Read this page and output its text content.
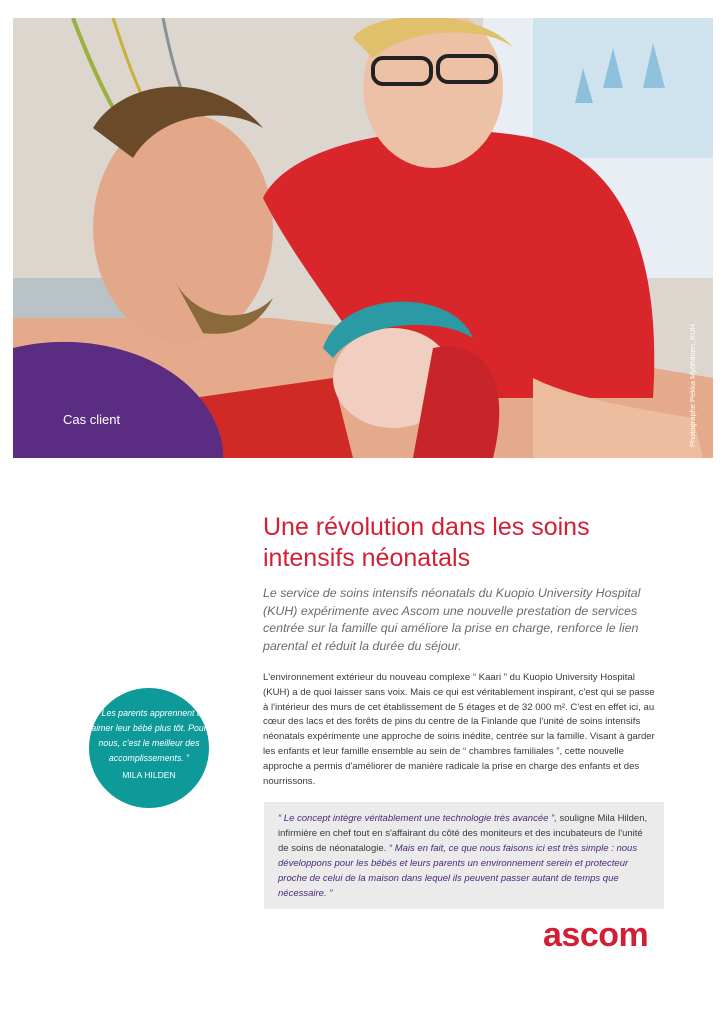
Cas client	Photographe Pekka Myöhänen, KUH
Une révolution dans les soins
intensifs néonatals

Le service de soins intensifs néonatals du Kuopio University Hospital (KUH) expérimente avec Ascom une nouvelle prestation de services centrée sur la famille qui améliore la prise en charge, renforce le lien parental et réduit la durée du séjour.

L'environnement extérieur du nouveau complexe “ Kaari ” du Kuopio University Hospital (KUH) a de quoi laisser sans voix. Mais ce qui est véritablement inspirant, c'est qui se passe à l'intérieur des murs de cet établissement de 5 étages et de 32 000 m². C'est en effet ici, au cœur des lacs et des forêts de pins du centre de la Finlande que l'unité de soins intensifs néonatals expérimente une approche de soins inédite, centrée sur la famille. Visant à garder les enfants et leur famille ensemble au sein de “ chambres familiales ”, cette nouvelle approche a permis d'améliorer de manière radicale la prise en charge des enfants et des nourrissons.

“ Les parents apprennent à aimer leur bébé plus tôt. Pour nous, c'est le meilleur des accomplissements. ”
MILA HILDEN
“ Le concept intègre véritablement une technologie très avancée ”, souligne Mila Hilden, infirmière en chef tout en s'affairant du côté des moniteurs et des incubateurs de l'unité de soins de néonatalogie. “ Mais en fait, ce que nous faisons ici est très simple : nous développons pour les bébés et leurs parents un environnement serein et protecteur proche de celui de la maison dans lequel ils peuvent passer autant de temps que nécessaire. ”
ascom
